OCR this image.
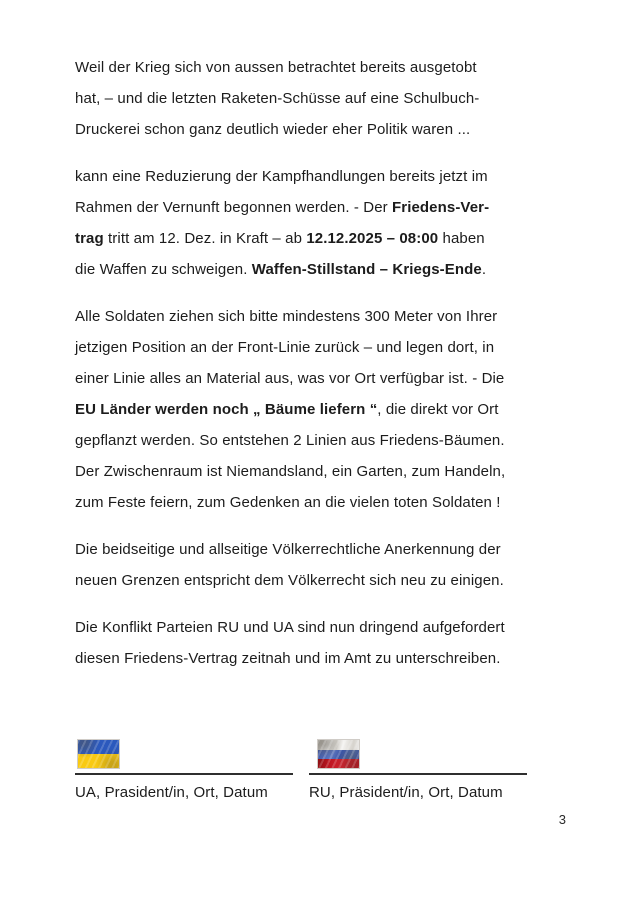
Weil der Krieg sich von aussen betrachtet bereits ausgetobt
hat, – und die letzten Raketen-Schüsse auf eine Schulbuch-
Druckerei schon ganz deutlich wieder eher Politik waren ...

kann eine Reduzierung der Kampfhandlungen bereits jetzt im
Rahmen der Vernunft begonnen werden. - Der Friedens-Ver-
trag tritt am 12. Dez. in Kraft – ab 12.12.2025 – 08:00 haben
die Waffen zu schweigen. Waffen-Stillstand – Kriegs-Ende.

Alle Soldaten ziehen sich bitte mindestens 300 Meter von Ihrer
jetzigen Position an der Front-Linie zurück – und legen dort, in
einer Linie alles an Material aus, was vor Ort verfügbar ist. - Die
EU Länder werden noch „ Bäume liefern “, die direkt vor Ort
gepflanzt werden. So entstehen 2 Linien aus Friedens-Bäumen.
Der Zwischenraum ist Niemandsland, ein Garten, zum Handeln,
zum Feste feiern, zum Gedenken an die vielen toten Soldaten !

Die beidseitige und allseitige Völkerrechtliche Anerkennung der
neuen Grenzen entspricht dem Völkerrecht sich neu zu einigen.

Die Konflikt Parteien RU und UA sind nun dringend aufgefordert
diesen Friedens-Vertrag zeitnah und im Amt zu unterschreiben.

UA, Prasident/in, Ort, Datum	RU, Präsident/in, Ort, Datum
3
